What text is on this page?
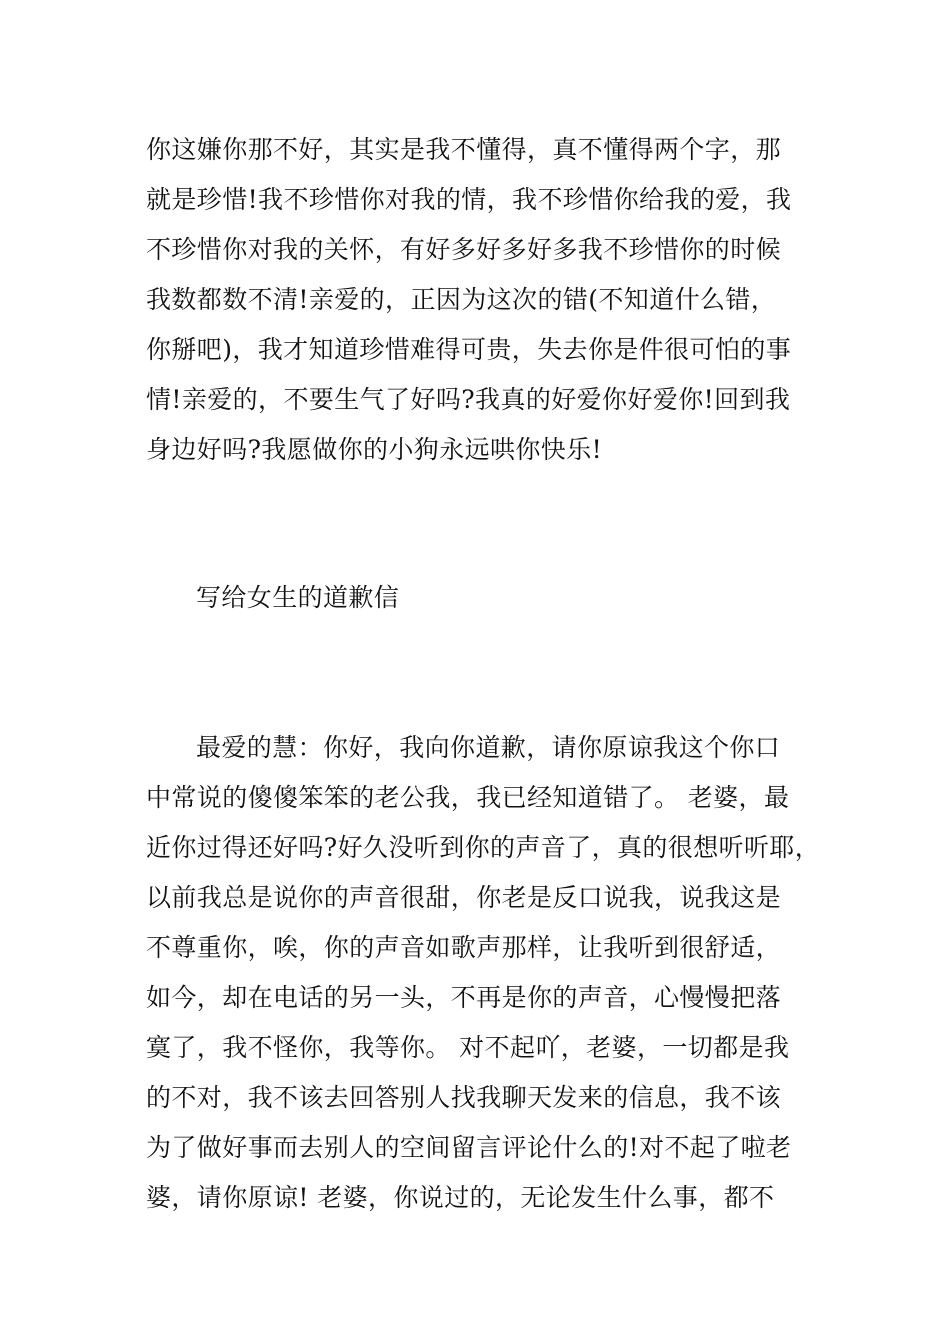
你这嫌你那不好，其实是我不懂得，真不懂得两个字，那
就是珍惜!我不珍惜你对我的情，我不珍惜你给我的爱，我
不珍惜你对我的关怀，有好多好多好多我不珍惜你的时候
我数都数不清!亲爱的，正因为这次的错(不知道什么错，
你掰吧)，我才知道珍惜难得可贵，失去你是件很可怕的事
情!亲爱的，不要生气了好吗?我真的好爱你好爱你!回到我
身边好吗?我愿做你的小狗永远哄你快乐!
写给女生的道歉信
最爱的慧：你好，我向你道歉，请你原谅我这个你口
中常说的傻傻笨笨的老公我，我已经知道错了。 老婆，最
近你过得还好吗?好久没听到你的声音了，真的很想听听耶，
以前我总是说你的声音很甜，你老是反口说我，说我这是
不尊重你，唉，你的声音如歌声那样，让我听到很舒适，
如今，却在电话的另一头，不再是你的声音，心慢慢把落
寞了，我不怪你，我等你。 对不起吖，老婆，一切都是我
的不对，我不该去回答别人找我聊天发来的信息，我不该
为了做好事而去别人的空间留言评论什么的!对不起了啦老
婆，请你原谅! 老婆，你说过的，无论发生什么事，都不
